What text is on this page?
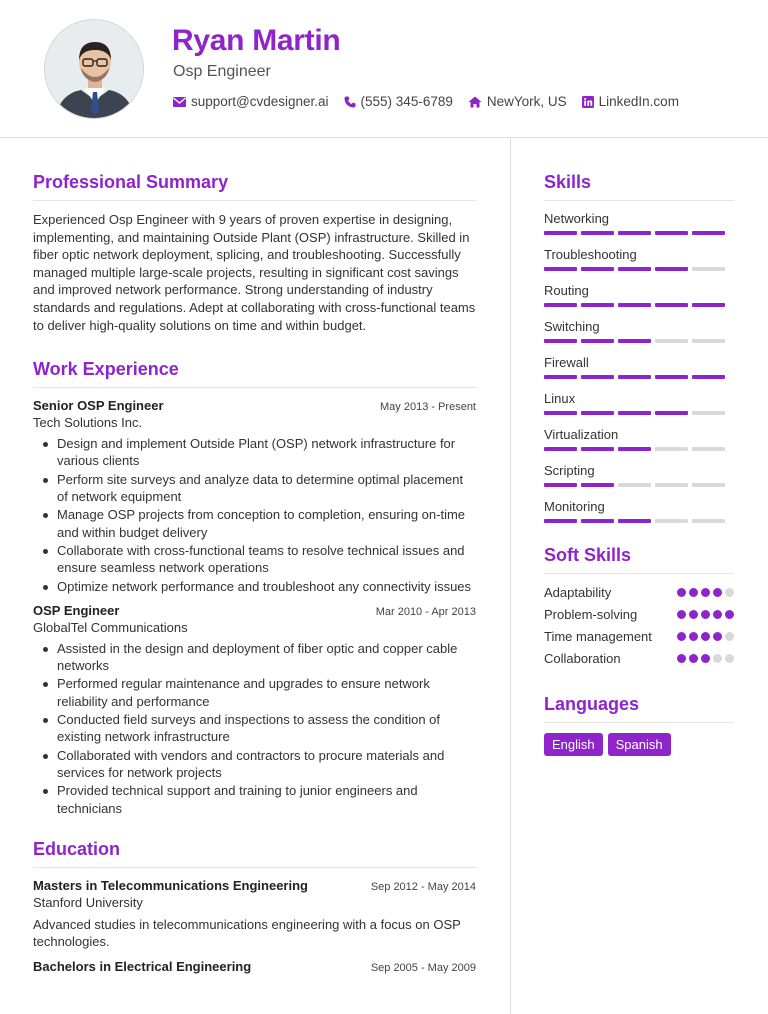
Ryan Martin
Osp Engineer
support@cvdesigner.ai (555) 345-6789	NewYork, US LinkedIn.com
Professional Summary
Experienced Osp Engineer with 9 years of proven expertise in designing, implementing, and maintaining Outside Plant (OSP) infrastructure. Skilled in fiber optic network deployment, splicing, and troubleshooting. Successfully managed multiple large-scale projects, resulting in significant cost savings and improved network performance. Strong understanding of industry standards and regulations. Adept at collaborating with cross-functional teams to deliver high-quality solutions on time and within budget.
Work Experience
Senior OSP Engineer	May 2013 - Present
Tech Solutions Inc.
Design and implement Outside Plant (OSP) network infrastructure for various clients
Perform site surveys and analyze data to determine optimal placement of network equipment
Manage OSP projects from conception to completion, ensuring on-time and within budget delivery
Collaborate with cross-functional teams to resolve technical issues and ensure seamless network operations
Optimize network performance and troubleshoot any connectivity issues
OSP Engineer	Mar 2010 - Apr 2013
GlobalTel Communications
Assisted in the design and deployment of fiber optic and copper cable networks
Performed regular maintenance and upgrades to ensure network reliability and performance
Conducted field surveys and inspections to assess the condition of existing network infrastructure
Collaborated with vendors and contractors to procure materials and services for network projects
Provided technical support and training to junior engineers and technicians
Education
Masters in Telecommunications Engineering	Sep 2012 - May 2014
Stanford University
Advanced studies in telecommunications engineering with a focus on OSP technologies.
Bachelors in Electrical Engineering	Sep 2005 - May 2009
Skills
Networking
Troubleshooting
Routing
Switching
Firewall
Linux
Virtualization
Scripting
Monitoring
Soft Skills
Adaptability
Problem-solving
Time management
Collaboration
Languages
English	Spanish
